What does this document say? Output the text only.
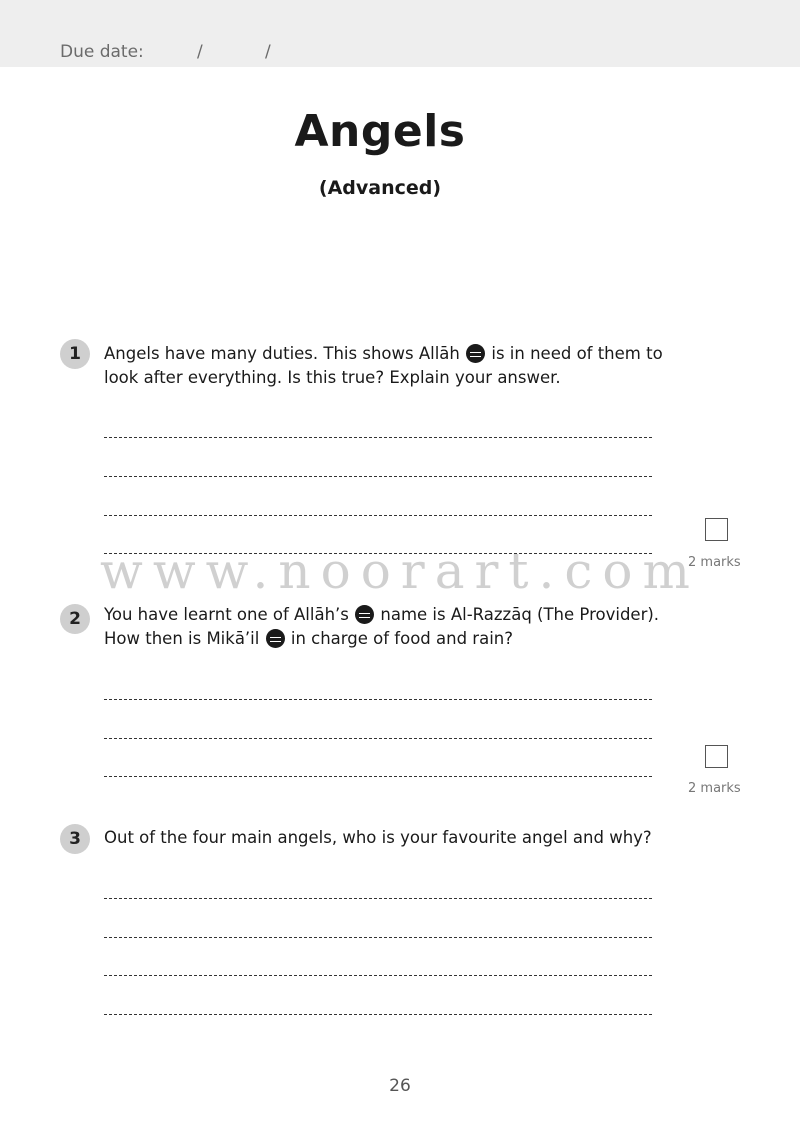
Due date:	/	/
Angels
(Advanced)
1	Angels have many duties. This shows Allāh is in need of them to look after everything. Is this true? Explain your answer.
2 marks
www.noorart.com
2	You have learnt one of Allāh’s name is Al-Razzāq (The Provider). How then is Mikā’il in charge of food and rain?
2 marks
3	Out of the four main angels, who is your favourite angel and why?
26
